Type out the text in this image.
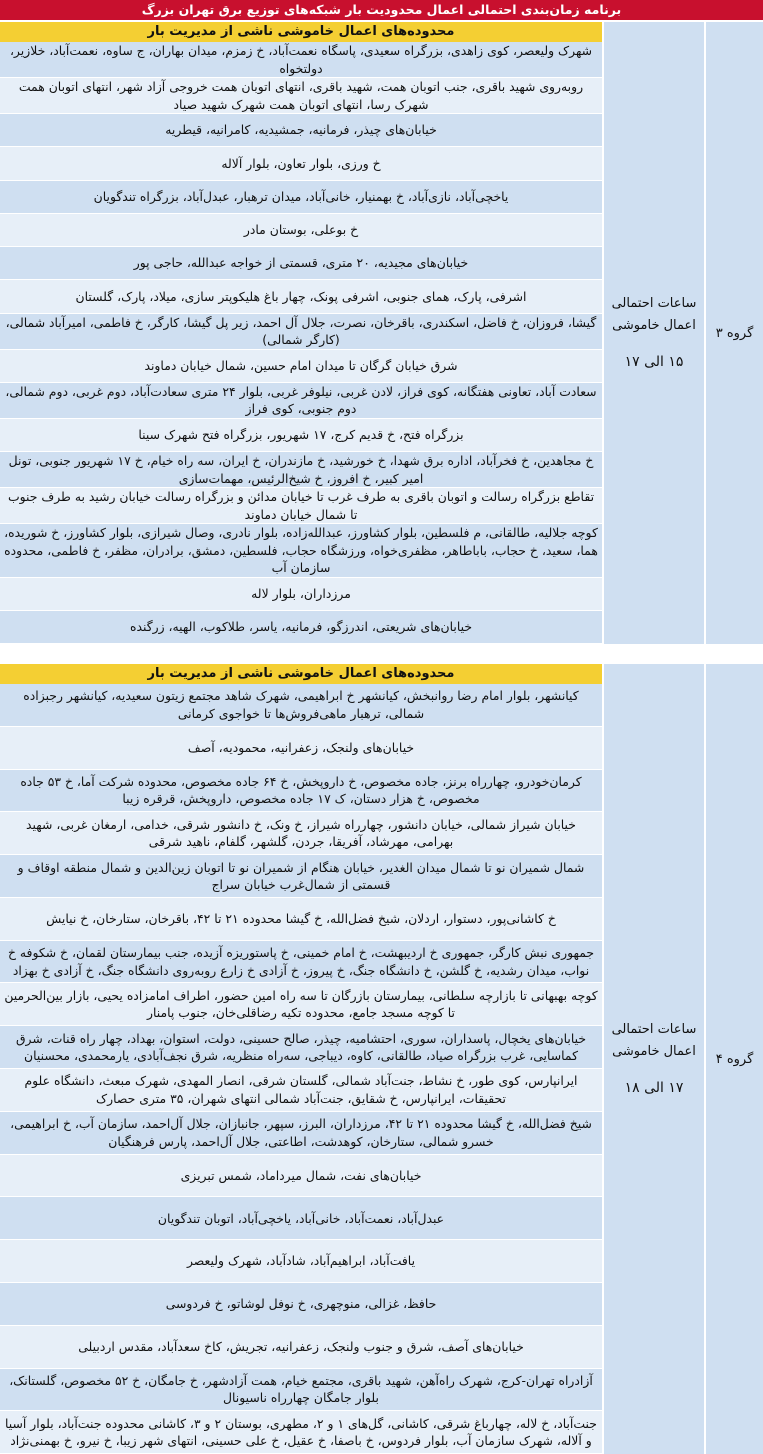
برنامه زمان‌بندی احتمالی اعمال محدودیت بار شبکه‌های توزیع برق تهران بزرگ
گروه ۳
ساعات احتمالی اعمال خاموشی
۱۵ الی ۱۷
محدوده‌های اعمال خاموشی ناشی از مدیریت بار
شهرک ولیعصر، کوی زاهدی، بزرگراه سعیدی، پاسگاه نعمت‌آباد، خ زمزم، میدان بهاران، ج ساوه، نعمت‌آباد، خلازیر، دولتخواه
روبه‌روی شهید باقری، جنب اتوبان همت، شهید باقری، انتهای اتوبان همت خروجی آزاد شهر، انتهای اتوبان همت شهرک رسا، انتهای اتوبان همت شهرک شهید صیاد
خیابان‌های چیذر، فرمانیه، جمشیدیه، کامرانیه، قیطریه
خ ورزی، بلوار تعاون، بلوار آلاله
یاخچی‌آباد، نازی‌آباد، خ بهمنیار، خانی‌آباد، میدان ترهبار، عبدل‌آباد، بزرگراه تندگویان
خ بوعلی، بوستان مادر
خیابان‌های مجیدیه، ۲۰ متری، قسمتی از خواجه عبدالله، حاجی پور
اشرفی، پارک، همای جنوبی، اشرفی پونک، چهار باغ هلیکوپتر سازی، میلاد، پارک، گلستان
گیشا، فروزان، خ فاضل، اسکندری، باقرخان، نصرت، جلال آل احمد، زیر پل گیشا، کارگر، خ فاطمی، امیرآباد شمالی، (کارگر شمالی)
شرق خیابان گرگان تا میدان امام حسین، شمال خیابان دماوند
سعادت آباد، تعاونی هفتگانه، کوی فراز، لادن غربی، نیلوفر غربی، بلوار ۲۴ متری سعادت‌آباد، دوم غربی، دوم شمالی، دوم جنوبی، کوی فراز
بزرگراه فتح، خ قدیم کرج، ۱۷ شهریور، بزرگراه فتح شهرک سینا
خ مجاهدین، خ فخرآباد، اداره برق شهدا، خ خورشید، خ مازندران، خ ایران، سه راه خیام، خ ۱۷ شهریور جنوبی، تونل امیر کبیر، خ افروز، خ شیخ‌الرئیس، مهمات‌سازی
تقاطع بزرگراه رسالت و اتوبان باقری به طرف غرب تا خیابان مدائن و بزرگراه رسالت خیابان رشید به طرف جنوب تا شمال خیابان دماوند
کوچه جلالیه، طالقانی، م فلسطین، بلوار کشاورز، عبدالله‌زاده، بلوار نادری، وصال شیرازی، بلوار کشاورز، خ شوریده، هما، سعید، خ حجاب، باباطاهر، مظفری‌خواه، ورزشگاه حجاب، فلسطین، دمشق، برادران، مظفر، خ فاطمی، محدوده سازمان آب
مرزداران، بلوار لاله
خیابان‌های شریعتی، اندرزگو، فرمانیه، یاسر، طلاکوب، الهیه، زرگنده
گروه ۴
ساعات احتمالی اعمال خاموشی
۱۷ الی ۱۸
محدوده‌های اعمال خاموشی ناشی از مدیریت بار
کیانشهر، بلوار امام رضا روانبخش، کیانشهر خ ابراهیمی، شهرک شاهد مجتمع زیتون سعیدیه، کیانشهر رجبزاده شمالی، ترهبار ماهی‌فروش‌ها تا خواجوی کرمانی
خیابان‌های ولنجک، زعفرانیه، محمودیه، آصف
کرمان‌خودرو، چهارراه برنز، جاده مخصوص، خ داروپخش، خ ۶۴ جاده مخصوص، محدوده شرکت آما، خ ۵۳ جاده مخصوص، خ هزار دستان، ک ۱۷ جاده مخصوص، داروپخش، قرقره زیبا
خیابان شیراز شمالی، خیابان دانشور، چهارراه شیراز، خ ونک، خ دانشور شرقی، خدامی، ارمغان غربی، شهید بهرامی، مهرشاد، آفریقا، جردن، گلشهر، گلفام، ناهید شرقی
شمال شمیران نو تا شمال میدان الغدیر، خیابان هنگام از شمیران نو تا اتوبان زین‌الدین و شمال منطقه اوقاف و قسمتی از شمال‌غرب خیابان سراج
خ کاشانی‌پور، دستوار، اردلان، شیخ فضل‌الله، خ گیشا محدوده ۲۱ تا ۴۲، باقرخان، ستارخان، خ نیایش
جمهوری نبش کارگر، جمهوری خ اردیبهشت، خ امام خمینی، خ پاستوریزه آزیده، جنب بیمارستان لقمان، خ شکوفه خ نواب، میدان رشدیه، خ گلشن، خ دانشگاه جنگ، خ پیروز، خ آزادی خ زارع روبه‌روی دانشگاه جنگ، خ آزادی خ بهزاد
کوچه بهبهانی تا بازارچه سلطانی، بیمارستان بازرگان تا سه راه امین حضور، اطراف امامزاده یحیی، بازار بین‌الحرمین تا کوچه مسجد جامع، محدوده تکیه رضاقلی‌خان، جنوب پامنار
خیابان‌های یخچال، پاسداران، سوری، احتشامیه، چیذر، صالح حسینی، دولت، استوان، بهداد، چهار راه قنات، شرق کماسایی، غرب بزرگراه صیاد، طالقانی، کاوه، دیباجی، سه‌راه منظریه، شرق نجف‌آبادی، یارمحمدی، محسنیان
ایرانپارس، کوی طور، خ نشاط، جنت‌آباد شمالی، گلستان شرقی، انصار المهدی، شهرک مبعث، دانشگاه علوم تحقیقات، ایرانپارس، خ شقایق، جنت‌آباد شمالی انتهای شهران، ۳۵ متری حصارک
شیخ فضل‌الله، خ گیشا محدوده ۲۱ تا ۴۲، مرزداران، البرز، سپهر، جانبازان، جلال آل‌احمد، سازمان آب، خ ابراهیمی، خسرو شمالی، ستارخان، کوهدشت، اطاعتی، جلال آل‌احمد، پارس فرهنگیان
خیابان‌های نفت، شمال میرداماد، شمس تبریزی
عبدل‌آباد، نعمت‌آباد، خانی‌آباد، یاخچی‌آباد، اتوبان تندگویان
یافت‌آباد، ابراهیم‌آباد، شادآباد، شهرک ولیعصر
حافظ، غزالی، منوچهری، خ نوفل لوشاتو، خ فردوسی
خیابان‌های آصف، شرق و جنوب ولنجک، زعفرانیه، تجریش، کاخ سعدآباد، مقدس اردبیلی
آزادراه تهران-کرج، شهرک راه‌آهن، شهید باقری، مجتمع خیام، همت آزادشهر، خ جامگان، خ ۵۲ مخصوص، گلستانک، بلوار جامگان چهارراه ناسیونال
جنت‌آباد، خ لاله، چهارباغ شرقی، کاشانی، گل‌های ۱ و ۲، مطهری، بوستان ۲ و ۳، کاشانی محدوده جنت‌آباد، بلوار آسیا و آلاله، شهرک سازمان آب، بلوار فردوس، خ باصفا، خ عقیل، خ علی حسینی، انتهای شهر زیبا، خ نیرو، خ بهمنی‌نژاد
